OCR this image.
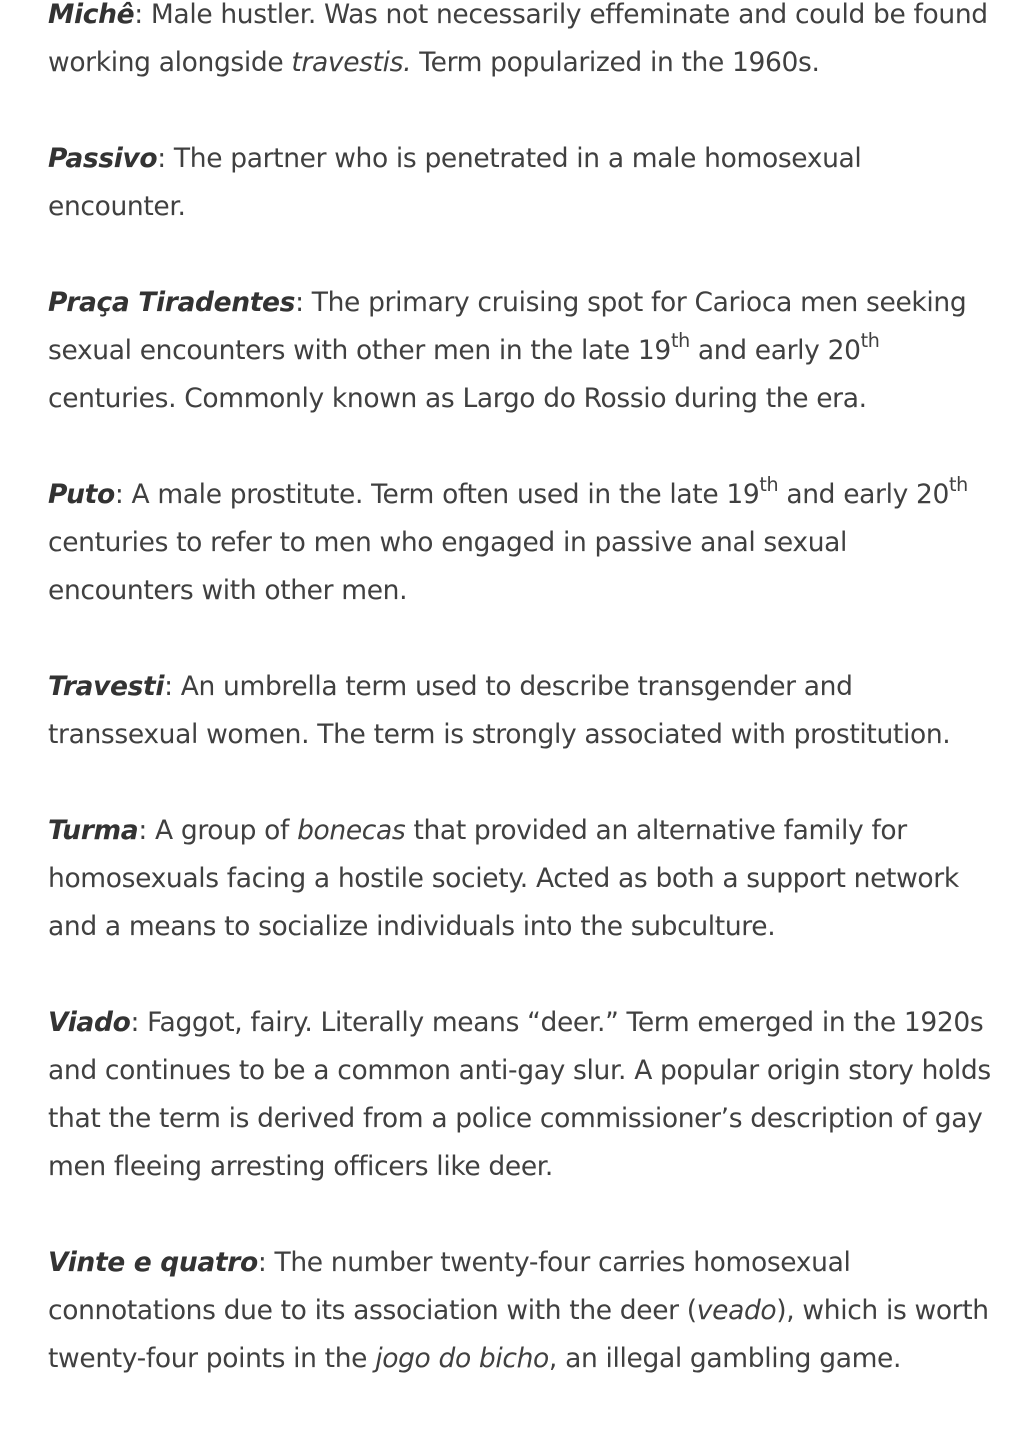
Michê: Male hustler. Was not necessarily effeminate and could be found working alongside travestis. Term popularized in the 1960s.

Passivo: The partner who is penetrated in a male homosexual encounter.

Praça Tiradentes: The primary cruising spot for Carioca men seeking sexual encounters with other men in the late 19th and early 20th centuries. Commonly known as Largo do Rossio during the era.

Puto: A male prostitute. Term often used in the late 19th and early 20th centuries to refer to men who engaged in passive anal sexual encounters with other men.

Travesti: An umbrella term used to describe transgender and transsexual women. The term is strongly associated with prostitution.

Turma: A group of bonecas that provided an alternative family for homosexuals facing a hostile society. Acted as both a support network and a means to socialize individuals into the subculture.

Viado: Faggot, fairy. Literally means “deer.” Term emerged in the 1920s and continues to be a common anti-gay slur. A popular origin story holds that the term is derived from a police commissioner’s description of gay men fleeing arresting officers like deer.

Vinte e quatro: The number twenty-four carries homosexual connotations due to its association with the deer (veado), which is worth twenty-four points in the jogo do bicho, an illegal gambling game.
